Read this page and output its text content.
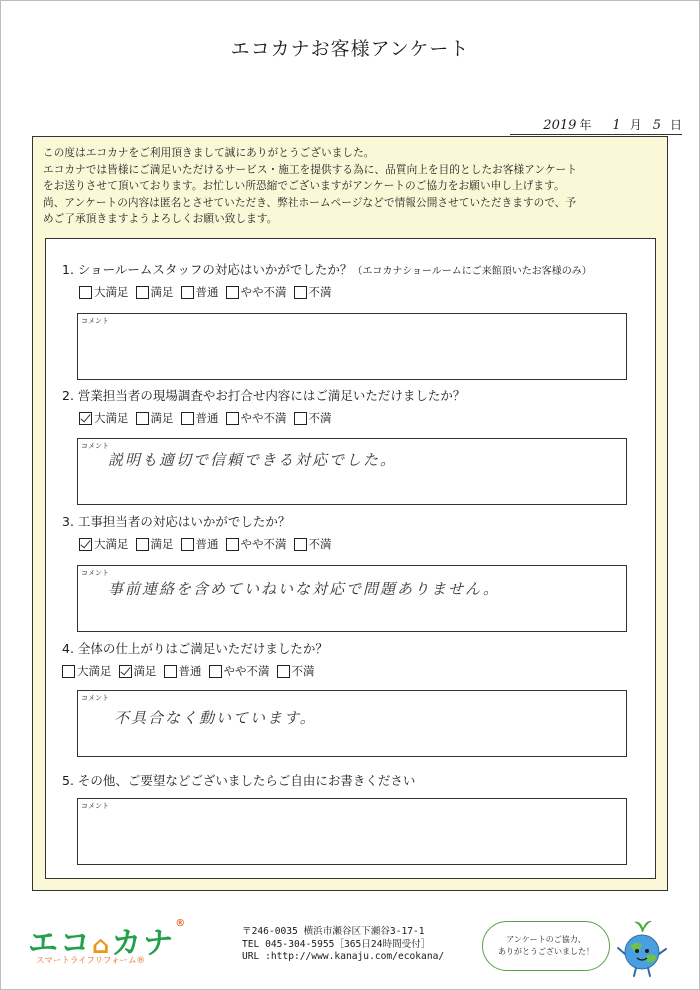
エコカナお客様アンケート
2019 年 1 月 5 日
この度はエコカナをご利用頂きまして誠にありがとうございました。
エコカナでは皆様にご満足いただけるサービス・施工を提供する為に、品質向上を目的としたお客様アンケート
をお送りさせて頂いております。お忙しい所恐縮でございますがアンケートのご協力をお願い申し上げます。
尚、アンケートの内容は匿名とさせていただき、弊社ホームページなどで情報公開させていただきますので、予
めご了承頂きますようよろしくお願い致します。
1. ショールームスタッフの対応はいかがでしたか？（エコカナショールームにご来館頂いたお客様のみ）
大満足 満足 普通 やや不満 不満
コメント
2. 営業担当者の現場調査やお打合せ内容にはご満足いただけましたか？
大満足 満足 普通 やや不満 不満
コメント
説明も適切で信頼できる対応でした。
3. 工事担当者の対応はいかがでしたか？
大満足 満足 普通 やや不満 不満
コメント
事前連絡を含めていねいな対応で問題ありません。
4. 全体の仕上がりはご満足いただけましたか？
大満足 満足 普通 やや不満 不満
コメント
不具合なく動いています。
5. その他、ご要望などございましたらご自由にお書きください
コメント
エコ⌂カナ®
スマートライフリフォーム®
〒246-0035 横浜市瀬谷区下瀬谷3-17-1
TEL 045-304-5955［365日24時間受付］
URL :http://www.kanaju.com/ecokana/
アンケートのご協力、
ありがとうございました！
